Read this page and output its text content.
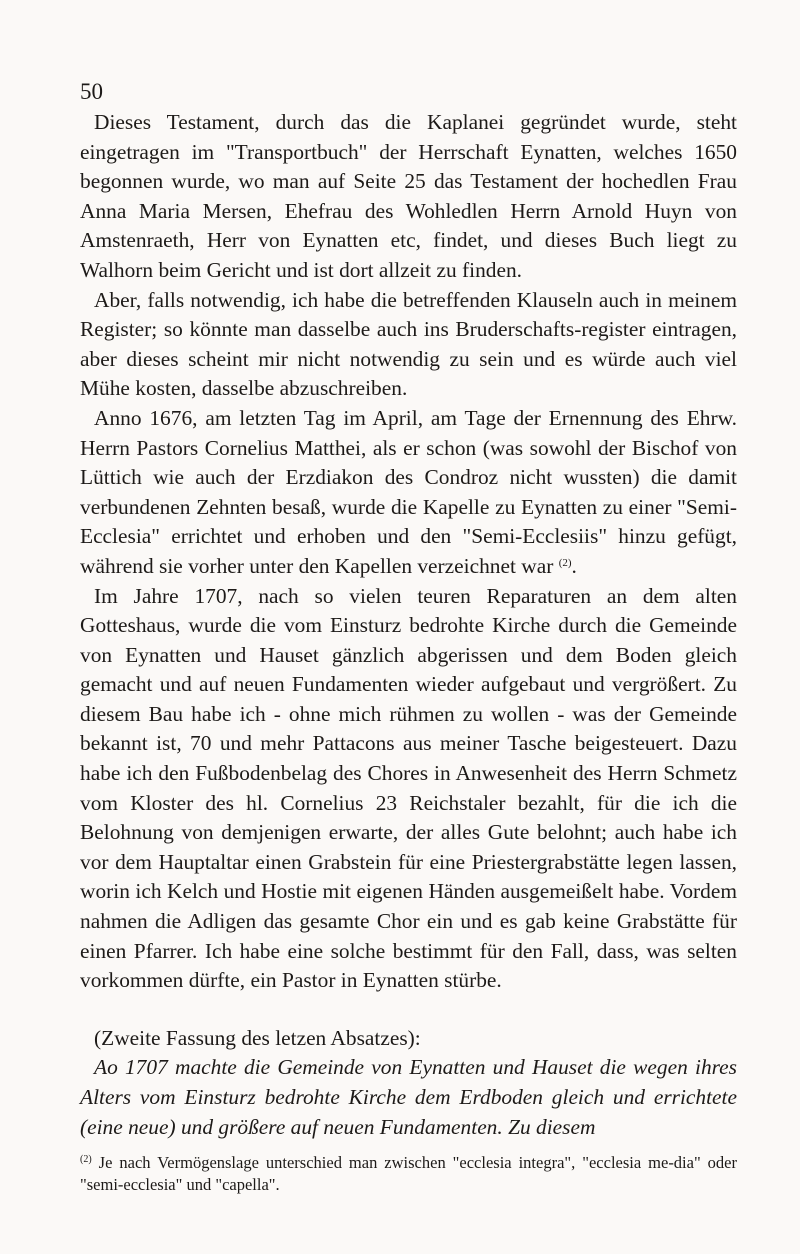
50

Dieses Testament, durch das die Kaplanei gegründet wurde, steht eingetragen im "Transportbuch" der Herrschaft Eynatten, welches 1650 begonnen wurde, wo man auf Seite 25 das Testament der hochedlen Frau Anna Maria Mersen, Ehefrau des Wohledlen Herrn Arnold Huyn von Amstenraeth, Herr von Eynatten etc, findet, und dieses Buch liegt zu Walhorn beim Gericht und ist dort allzeit zu finden.

Aber, falls notwendig, ich habe die betreffenden Klauseln auch in meinem Register; so könnte man dasselbe auch ins Bruderschafts-register eintragen, aber dieses scheint mir nicht notwendig zu sein und es würde auch viel Mühe kosten, dasselbe abzuschreiben.

Anno 1676, am letzten Tag im April, am Tage der Ernennung des Ehrw. Herrn Pastors Cornelius Matthei, als er schon (was sowohl der Bischof von Lüttich wie auch der Erzdiakon des Condroz nicht wussten) die damit verbundenen Zehnten besaß, wurde die Kapelle zu Eynatten zu einer "Semi-Ecclesia" errichtet und erhoben und den "Semi-Ecclesiis" hinzu gefügt, während sie vorher unter den Kapellen verzeichnet war $^{(2)}$.

Im Jahre 1707, nach so vielen teuren Reparaturen an dem alten Gotteshaus, wurde die vom Einsturz bedrohte Kirche durch die Gemeinde von Eynatten und Hauset gänzlich abgerissen und dem Boden gleich gemacht und auf neuen Fundamenten wieder aufgebaut und vergrößert. Zu diesem Bau habe ich - ohne mich rühmen zu wollen - was der Gemeinde bekannt ist, 70 und mehr Pattacons aus meiner Tasche beigesteuert. Dazu habe ich den Fußbodenbelag des Chores in Anwesenheit des Herrn Schmetz vom Kloster des hl. Cornelius 23 Reichstaler bezahlt, für die ich die Belohnung von demjenigen erwarte, der alles Gute belohnt; auch habe ich vor dem Hauptaltar einen Grabstein für eine Priestergrabstätte legen lassen, worin ich Kelch und Hostie mit eigenen Händen ausgemeißelt habe. Vordem nahmen die Adligen das gesamte Chor ein und es gab keine Grabstätte für einen Pfarrer. Ich habe eine solche bestimmt für den Fall, dass, was selten vorkommen dürfte, ein Pastor in Eynatten stürbe.

(Zweite Fassung des letzen Absatzes):

Ao 1707 machte die Gemeinde von Eynatten und Hauset die wegen ihres Alters vom Einsturz bedrohte Kirche dem Erdboden gleich und errichtete (eine neue) und größere auf neuen Fundamenten. Zu diesem

$^{(2)}$ Je nach Vermögenslage unterschied man zwischen "ecclesia integra", "ecclesia me-dia" oder "semi-ecclesia" und "capella".
